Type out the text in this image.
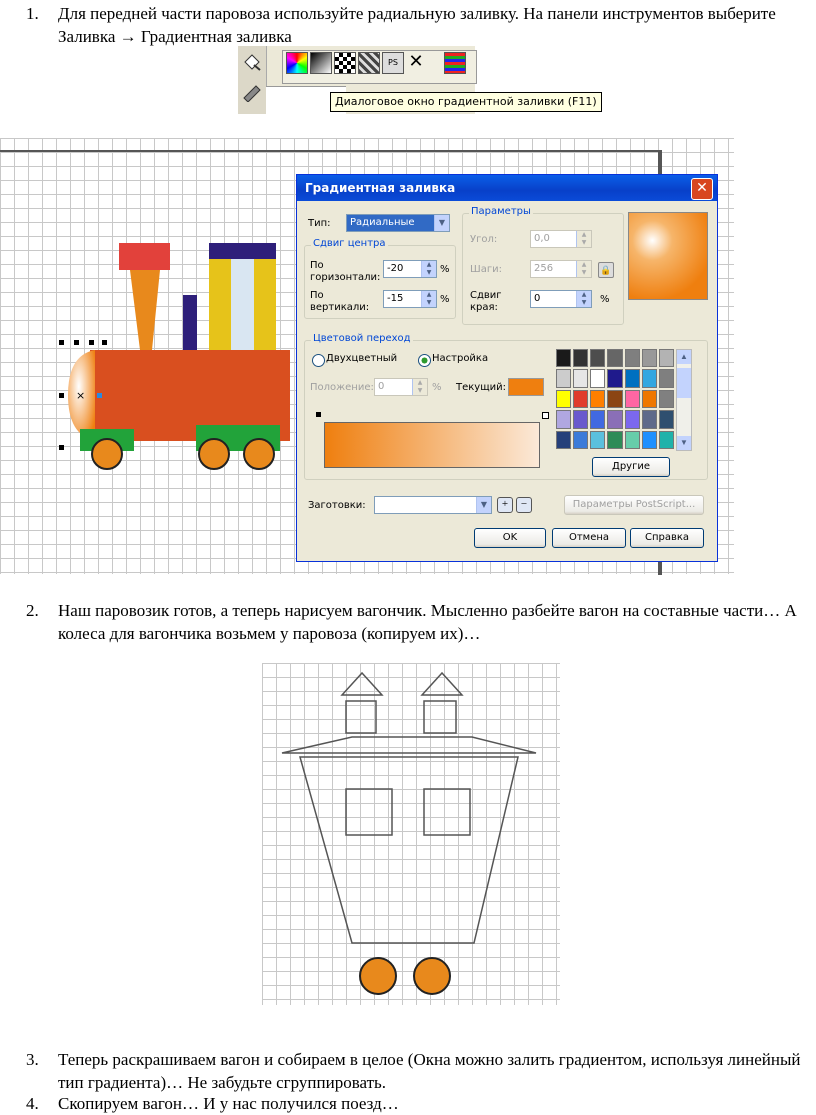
1. Для передней части паровоза используйте радиальную заливку. На панели инструментов выберите Заливка → Градиентная заливка
PS ✕
Диалоговое окно градиентной заливки (F11)
×
Градиентная заливка	✕
Тип:	Радиальные	▼
Сдвиг центра
По горизонтали:
-20	▲
▼ %
По вертикали:
-15	▲
▼ %
Параметры
Угол:	0,0	▲
▼
Шаги:	256	▲
▼	🔒
Сдвиг края:
0	▲
▼	%
Цветовой переход
Двухцветный	Настройка
Положение: 0	▲
▼ % Текущий:
▲
▼
Другие
Заготовки:	▼	+	−	Параметры PostScript...
OK	Отмена	Справка
2. Наш паровозик готов, а теперь нарисуем вагончик. Мысленно разбейте вагон на составные части… А колеса для вагончика возьмем у паровоза (копируем их)…
3. Теперь раскрашиваем вагон и собираем в целое (Окна можно залить градиентом, используя линейный тип градиента)… Не забудьте сгруппировать.
4. Скопируем вагон… И у нас получился поезд…
